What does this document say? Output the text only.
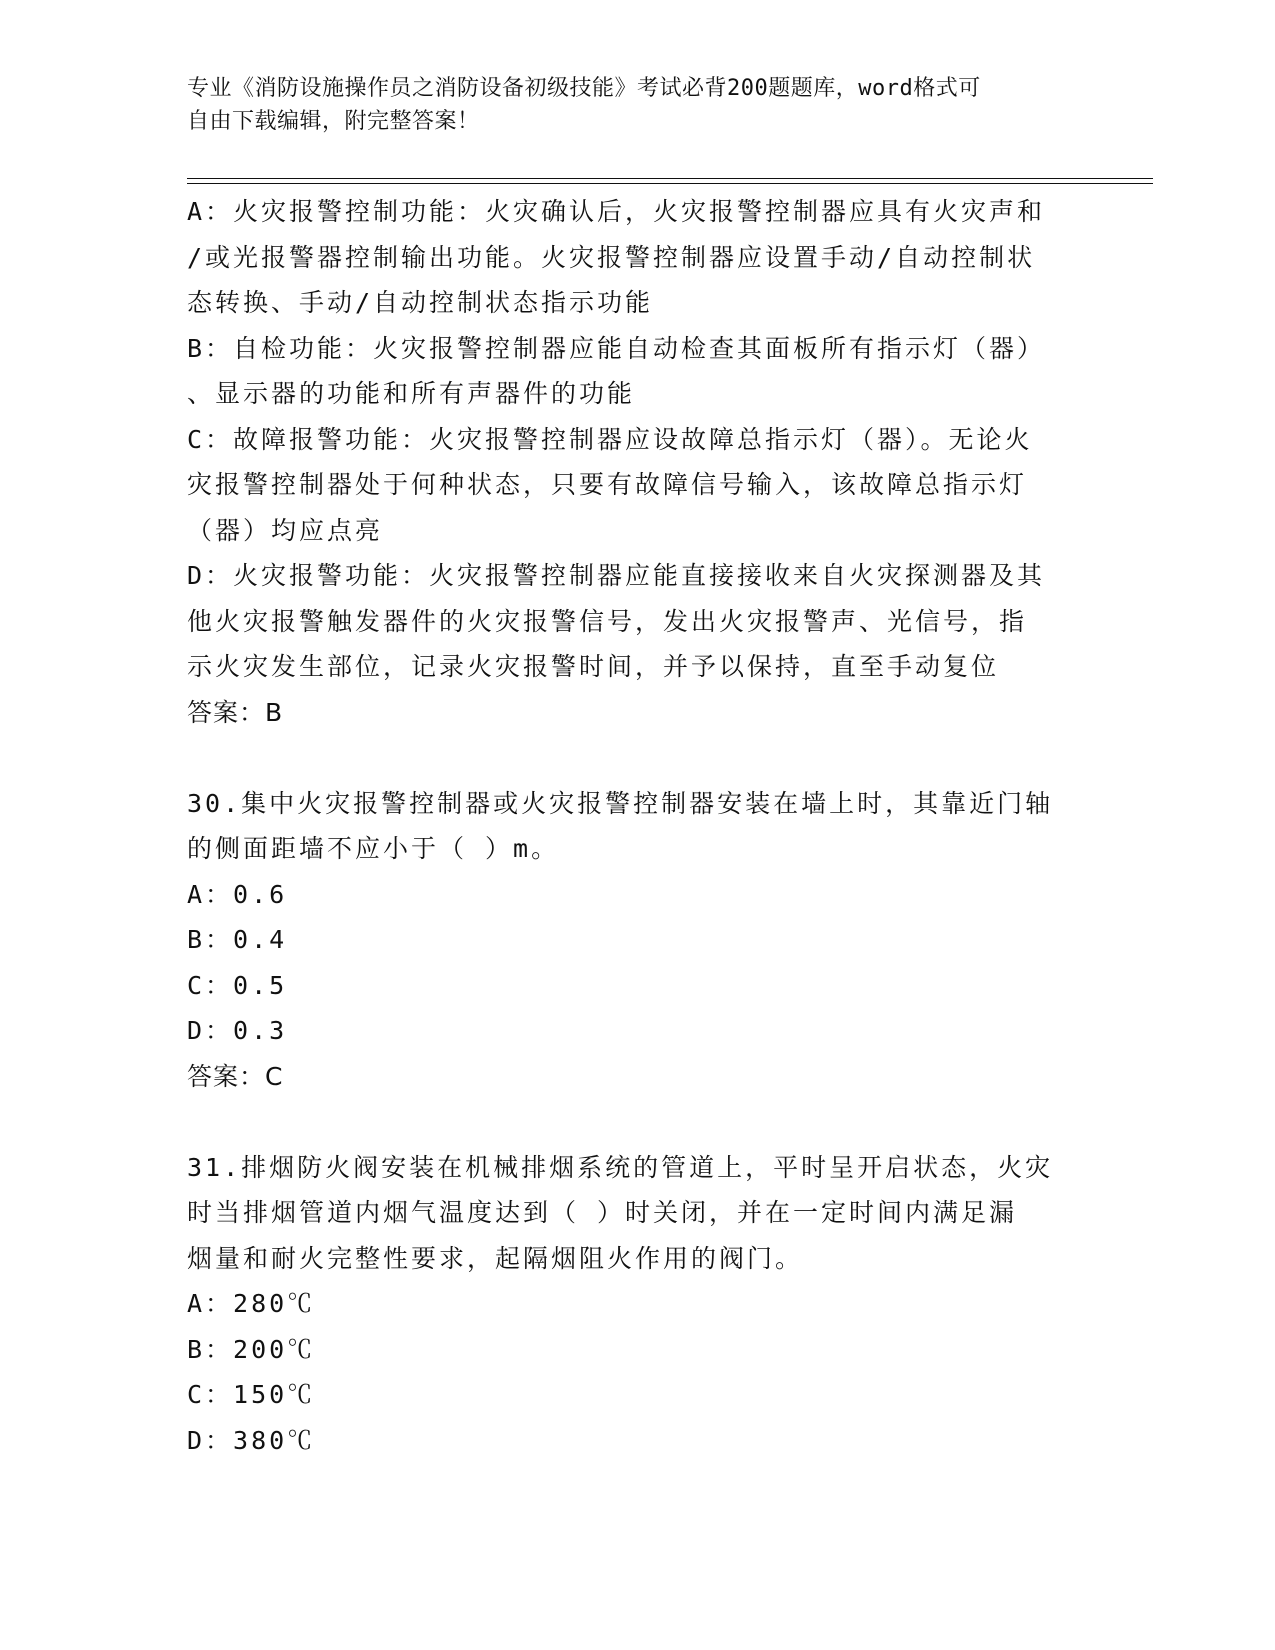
专业《消防设施操作员之消防设备初级技能》考试必背200题题库，word格式可
自由下载编辑，附完整答案！
A：火灾报警控制功能：火灾确认后，火灾报警控制器应具有火灾声和
/或光报警器控制输出功能。火灾报警控制器应设置手动/自动控制状
态转换、手动/自动控制状态指示功能
B：自检功能：火灾报警控制器应能自动检查其面板所有指示灯（器）
、显示器的功能和所有声器件的功能
C：故障报警功能：火灾报警控制器应设故障总指示灯（器）。无论火
灾报警控制器处于何种状态，只要有故障信号输入，该故障总指示灯
（器）均应点亮
D：火灾报警功能：火灾报警控制器应能直接接收来自火灾探测器及其
他火灾报警触发器件的火灾报警信号，发出火灾报警声、光信号，指
示火灾发生部位，记录火灾报警时间，并予以保持，直至手动复位
答案：B
30.集中火灾报警控制器或火灾报警控制器安装在墙上时，其靠近门轴
的侧面距墙不应小于（ ）m。
A：0.6
B：0.4
C：0.5
D：0.3
答案：C
31.排烟防火阀安装在机械排烟系统的管道上，平时呈开启状态，火灾
时当排烟管道内烟气温度达到（ ）时关闭，并在一定时间内满足漏
烟量和耐火完整性要求，起隔烟阻火作用的阀门。
A：280℃
B：200℃
C：150℃
D：380℃
